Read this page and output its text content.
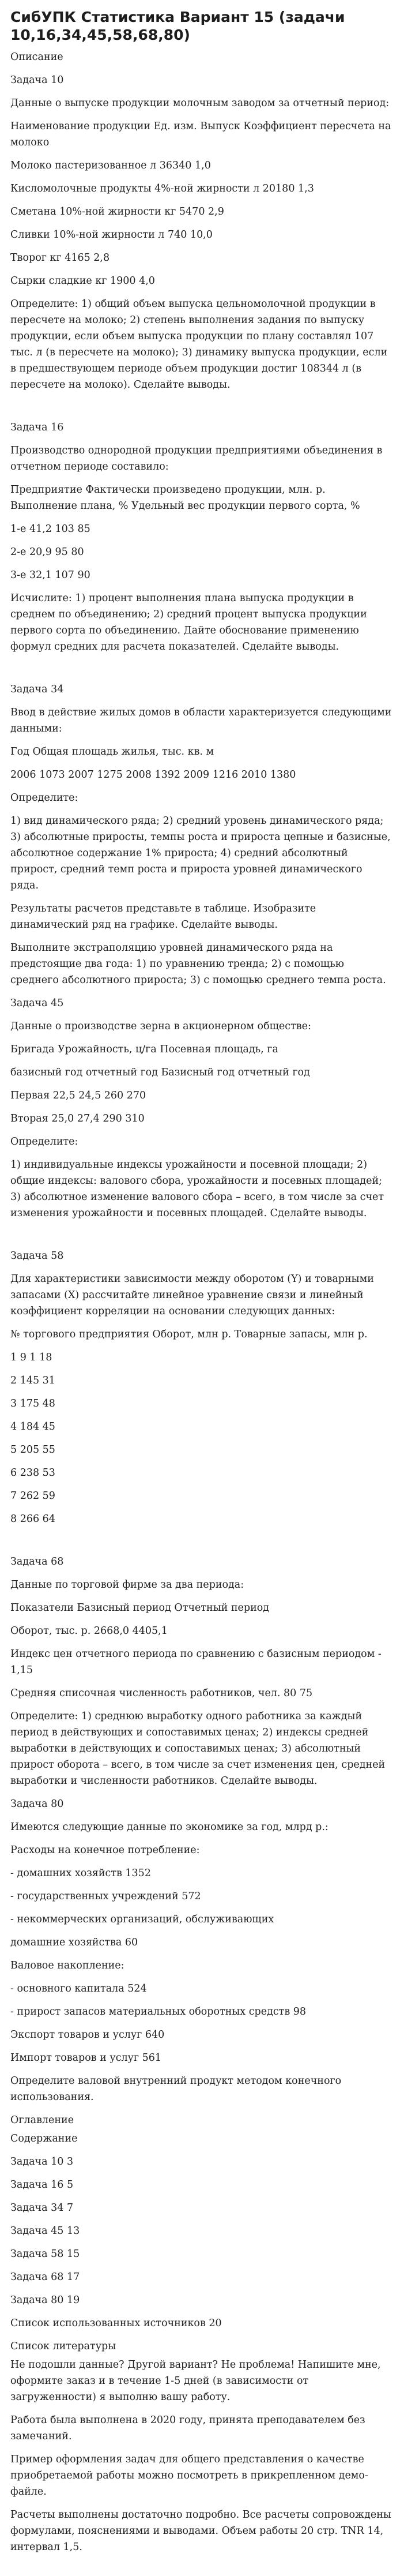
СибУПК Статистика Вариант 15 (задачи 10,16,34,45,58,68,80)
Описание
Задача 10
Данные о выпуске продукции молочным заводом за отчетный период:
Наименование продукции Ед. изм. Выпуск Коэффициент пересчета на молоко
Молоко пастеризованное л 36340 1,0
Кисломолочные продукты 4%-ной жирности л 20180 1,3
Сметана 10%-ной жирности кг 5470 2,9
Сливки 10%-ной жирности л 740 10,0
Творог кг 4165 2,8
Сырки сладкие кг 1900 4,0
Определите: 1) общий объем выпуска цельномолочной продукции в пересчете на молоко; 2) степень выполнения задания по выпуску продукции, если объем выпуска продукции по плану составлял 107 тыс. л (в пересчете на молоко); 3) динамику выпуска продукции, если в предшествующем периоде объем продукции достиг 108344 л (в пересчете на молоко). Сделайте выводы.
Задача 16
Производство однородной продукции предприятиями объединения в отчетном периоде составило:
Предприятие Фактически произведено продукции, млн. р. Выполнение плана, % Удельный вес продукции первого сорта, %
1-е 41,2 103 85
2-е 20,9 95 80
3-е 32,1 107 90
Исчислите: 1) процент выполнения плана выпуска продукции в среднем по объединению; 2) средний процент выпуска продукции первого сорта по объединению. Дайте обоснование применению формул средних для расчета показателей. Сделайте выводы.
Задача 34
Ввод в действие жилых домов в области характеризуется следующими данными:
Год Общая площадь жилья, тыс. кв. м
2006 1073 2007 1275 2008 1392 2009 1216 2010 1380
Определите:
1) вид динамического ряда; 2) средний уровень динамического ряда; 3) абсолютные приросты, темпы роста и прироста цепные и базисные, абсолютное содержание 1% прироста; 4) средний абсолютный прирост, средний темп роста и прироста уровней динамического ряда.
Результаты расчетов представьте в таблице. Изобразите динамический ряд на графике. Сделайте выводы.
Выполните экстраполяцию уровней динамического ряда на предстоящие два года: 1) по уравнению тренда; 2) с помощью среднего абсолютного прироста; 3) с помощью среднего темпа роста.
Задача 45
Данные о производстве зерна в акционерном обществе:
Бригада Урожайность, ц/га Посевная площадь, га
базисный год отчетный год Базисный год отчетный год
Первая 22,5 24,5 260 270
Вторая 25,0 27,4 290 310
Определите:
1) индивидуальные индексы урожайности и посевной площади; 2) общие индексы: валового сбора, урожайности и посевных площадей; 3) абсолютное изменение валового сбора – всего, в том числе за счет изменения урожайности и посевных площадей. Сделайте выводы.
Задача 58
Для характеристики зависимости между оборотом (Y) и товарными запасами (X) рассчитайте линейное уравнение связи и линейный коэффициент корреляции на основании следующих данных:
№ торгового предприятия Оборот, млн р. Товарные запасы, млн р.
1 9 1 18
2 145 31
3 175 48
4 184 45
5 205 55
6 238 53
7 262 59
8 266 64
Задача 68
Данные по торговой фирме за два периода:
Показатели Базисный период Отчетный период
Оборот, тыс. р. 2668,0 4405,1
Индекс цен отчетного периода по сравнению с базисным периодом - 1,15
Средняя списочная численность работников, чел. 80 75
Определите: 1) среднюю выработку одного работника за каждый период в действующих и сопоставимых ценах; 2) индексы средней выработки в действующих и сопоставимых ценах; 3) абсолютный прирост оборота – всего, в том числе за счет изменения цен, средней выработки и численности работников. Сделайте выводы.
Задача 80
Имеются следующие данные по экономике за год, млрд р.:
Расходы на конечное потребление:
- домашних хозяйств 1352
- государственных учреждений 572
- некоммерческих организаций, обслуживающих
домашние хозяйства 60
Валовое накопление:
- основного капитала 524
- прирост запасов материальных оборотных средств 98
Экспорт товаров и услуг 640
Импорт товаров и услуг 561
Определите валовой внутренний продукт методом конечного использования.
Оглавление
Содержание
Задача 10 3
Задача 16 5
Задача 34 7
Задача 45 13
Задача 58 15
Задача 68 17
Задача 80 19
Список использованных источников 20
Список литературы
Не подошли данные? Другой вариант? Не проблема! Напишите мне, оформите заказ и в течение 1-5 дней (в зависимости от загруженности) я выполню вашу работу.
Работа была выполнена в 2020 году, принята преподавателем без замечаний.
Пример оформления задач для общего представления о качестве приобретаемой работы можно посмотреть в прикрепленном демо-файле.
Расчеты выполнены достаточно подробно. Все расчеты сопровождены формулами, пояснениями и выводами. Объем работы 20 стр. TNR 14, интервал 1,5.
